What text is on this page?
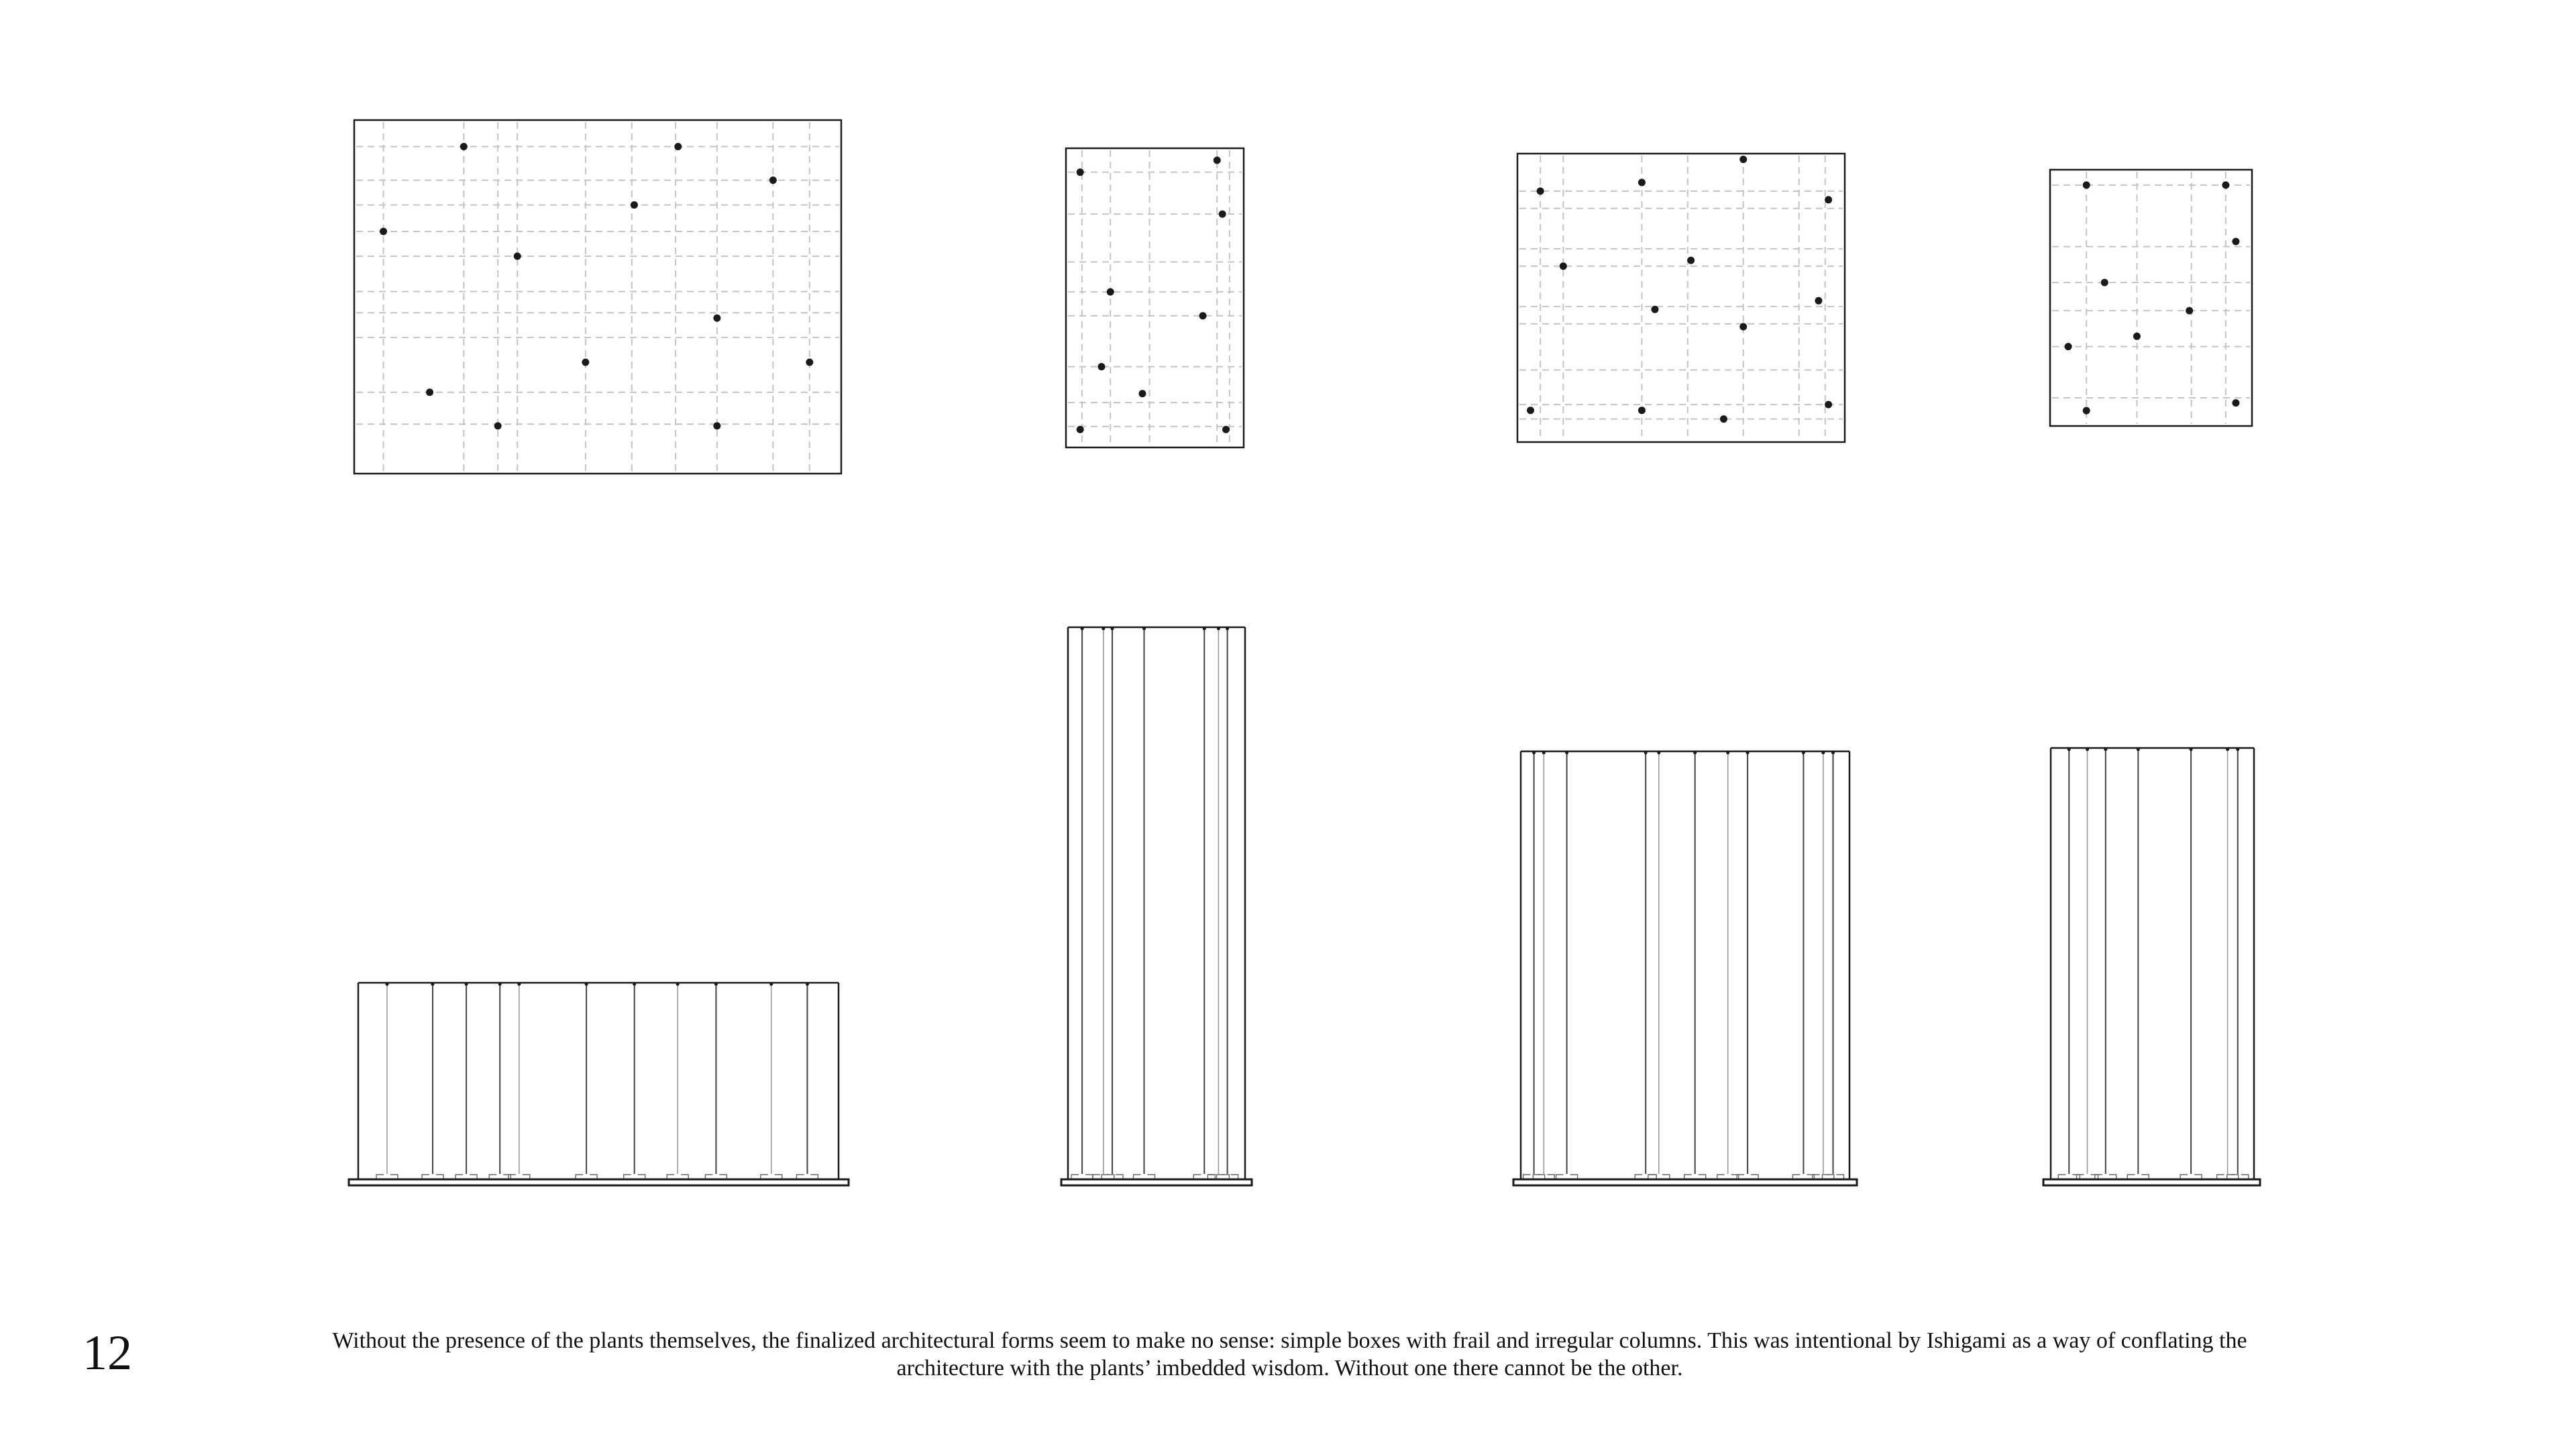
12	Without the presence of the plants themselves, the finalized architectural forms seem to make no sense: simple boxes with frail and irregular columns. This was intentional by Ishigami as a way of conflating the
architecture with the plants’ imbedded wisdom. Without one there cannot be the other.
